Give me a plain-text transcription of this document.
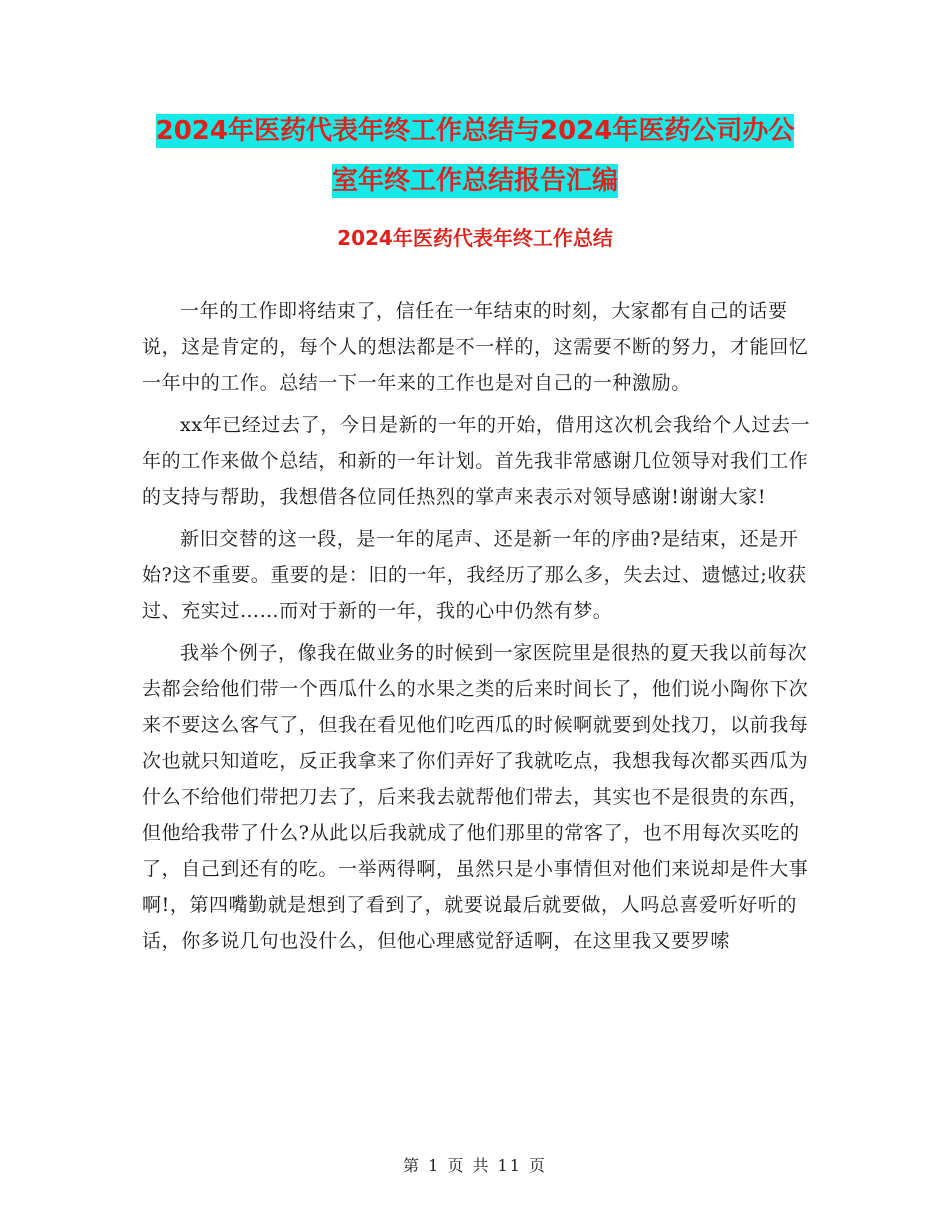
2024年医药代表年终工作总结与2024年医药公司办公
室年终工作总结报告汇编
2024年医药代表年终工作总结

一年的工作即将结束了，信任在一年结束的时刻，大家都有自己的话要说，这是肯定的，每个人的想法都是不一样的，这需要不断的努力，才能回忆一年中的工作。总结一下一年来的工作也是对自己的一种激励。

xx年已经过去了，今日是新的一年的开始，借用这次机会我给个人过去一年的工作来做个总结，和新的一年计划。首先我非常感谢几位领导对我们工作的支持与帮助，我想借各位同任热烈的掌声来表示对领导感谢!谢谢大家!

新旧交替的这一段，是一年的尾声、还是新一年的序曲?是结束，还是开始?这不重要。重要的是：旧的一年，我经历了那么多，失去过、遗憾过;收获过、充实过……而对于新的一年，我的心中仍然有梦。

我举个例子，像我在做业务的时候到一家医院里是很热的夏天我以前每次去都会给他们带一个西瓜什么的水果之类的后来时间长了，他们说小陶你下次来不要这么客气了，但我在看见他们吃西瓜的时候啊就要到处找刀，以前我每次也就只知道吃，反正我拿来了你们弄好了我就吃点，我想我每次都买西瓜为什么不给他们带把刀去了，后来我去就帮他们带去，其实也不是很贵的东西，但他给我带了什么?从此以后我就成了他们那里的常客了，也不用每次买吃的了，自己到还有的吃。一举两得啊，虽然只是小事情但对他们来说却是件大事啊!，第四嘴勤就是想到了看到了，就要说最后就要做，人吗总喜爱听好听的话，你多说几句也没什么，但他心理感觉舒适啊，在这里我又要罗嗦

第 1 页 共 11 页
